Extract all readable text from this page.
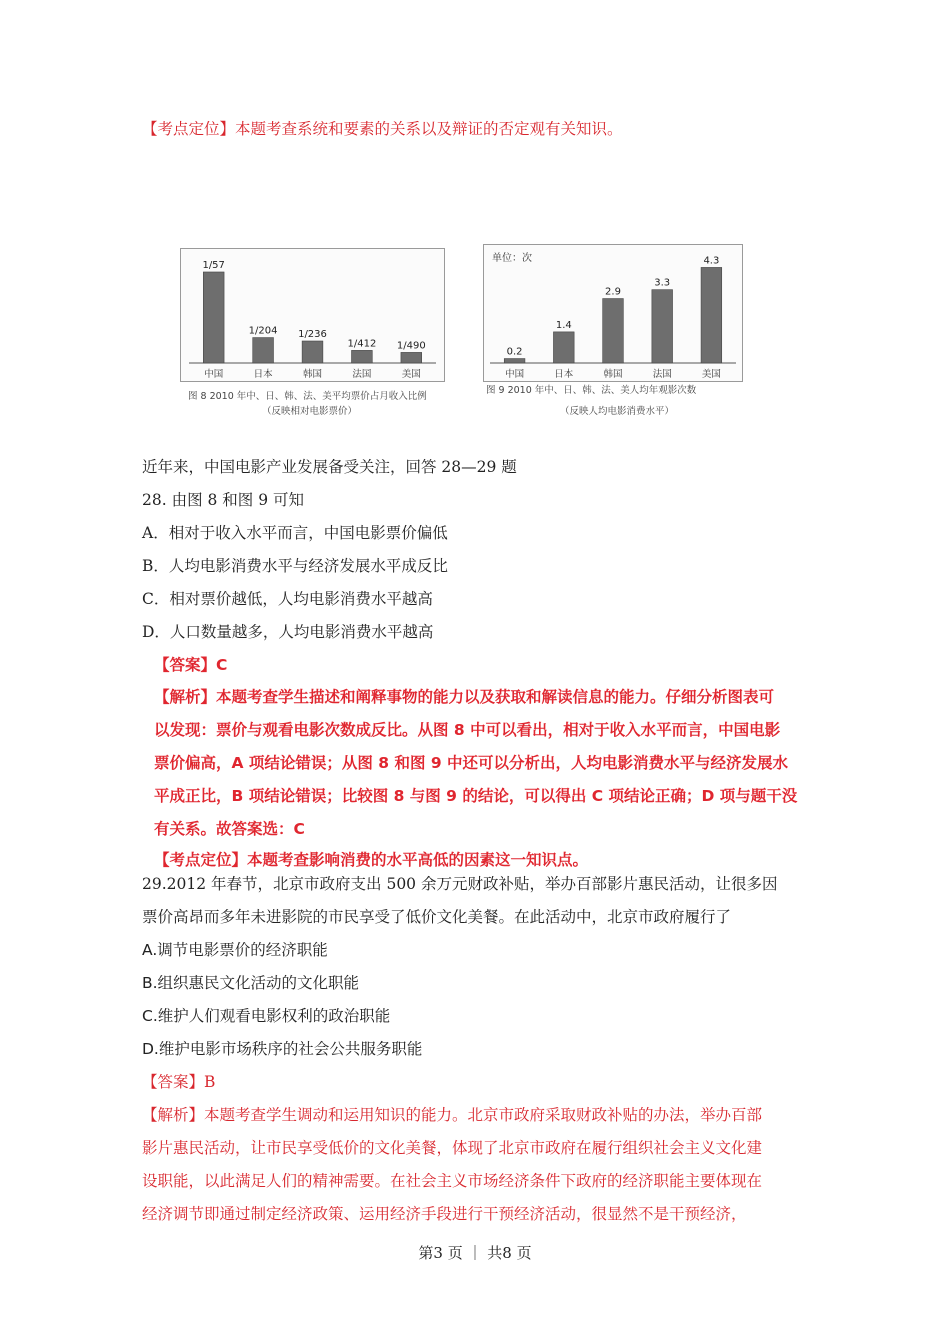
【考点定位】本题考查系统和要素的关系以及辩证的否定观有关知识。
1/57
中国
1/204
日本
1/236
韩国
1/412
法国
1/490
美国
图 8 2010 年中、日、韩、法、美平均票价占月收入比例
（反映相对电影票价）
单位：次
0.2
中国
1.4
日本
2.9
韩国
3.3
法国
4.3
美国
图 9 2010 年中、日、韩、法、美人均年观影次数
（反映人均电影消费水平）
近年来，中国电影产业发展备受关注，回答 28—29 题
28. 由图 8 和图 9 可知
A．相对于收入水平而言，中国电影票价偏低
B．人均电影消费水平与经济发展水平成反比
C．相对票价越低，人均电影消费水平越高
D．人口数量越多，人均电影消费水平越高
【答案】C
【解析】本题考查学生描述和阐释事物的能力以及获取和解读信息的能力。仔细分析图表可
以发现：票价与观看电影次数成反比。从图 8 中可以看出，相对于收入水平而言，中国电影
票价偏高，A 项结论错误；从图 8 和图 9 中还可以分析出，人均电影消费水平与经济发展水
平成正比，B 项结论错误；比较图 8 与图 9 的结论，可以得出 C 项结论正确；D 项与题干没
有关系。故答案选：C
【考点定位】本题考查影响消费的水平高低的因素这一知识点。
29.2012 年春节，北京市政府支出 500 余万元财政补贴，举办百部影片惠民活动，让很多因
票价高昂而多年未进影院的市民享受了低价文化美餐。在此活动中，北京市政府履行了
A.调节电影票价的经济职能
B.组织惠民文化活动的文化职能
C.维护人们观看电影权利的政治职能
D.维护电影市场秩序的社会公共服务职能
【答案】B
【解析】本题考查学生调动和运用知识的能力。北京市政府采取财政补贴的办法，举办百部
影片惠民活动，让市民享受低价的文化美餐，体现了北京市政府在履行组织社会主义文化建
设职能，以此满足人们的精神需要。在社会主义市场经济条件下政府的经济职能主要体现在
经济调节即通过制定经济政策、运用经济手段进行干预经济活动，很显然不是干预经济，
第3 页 ｜ 共8 页
